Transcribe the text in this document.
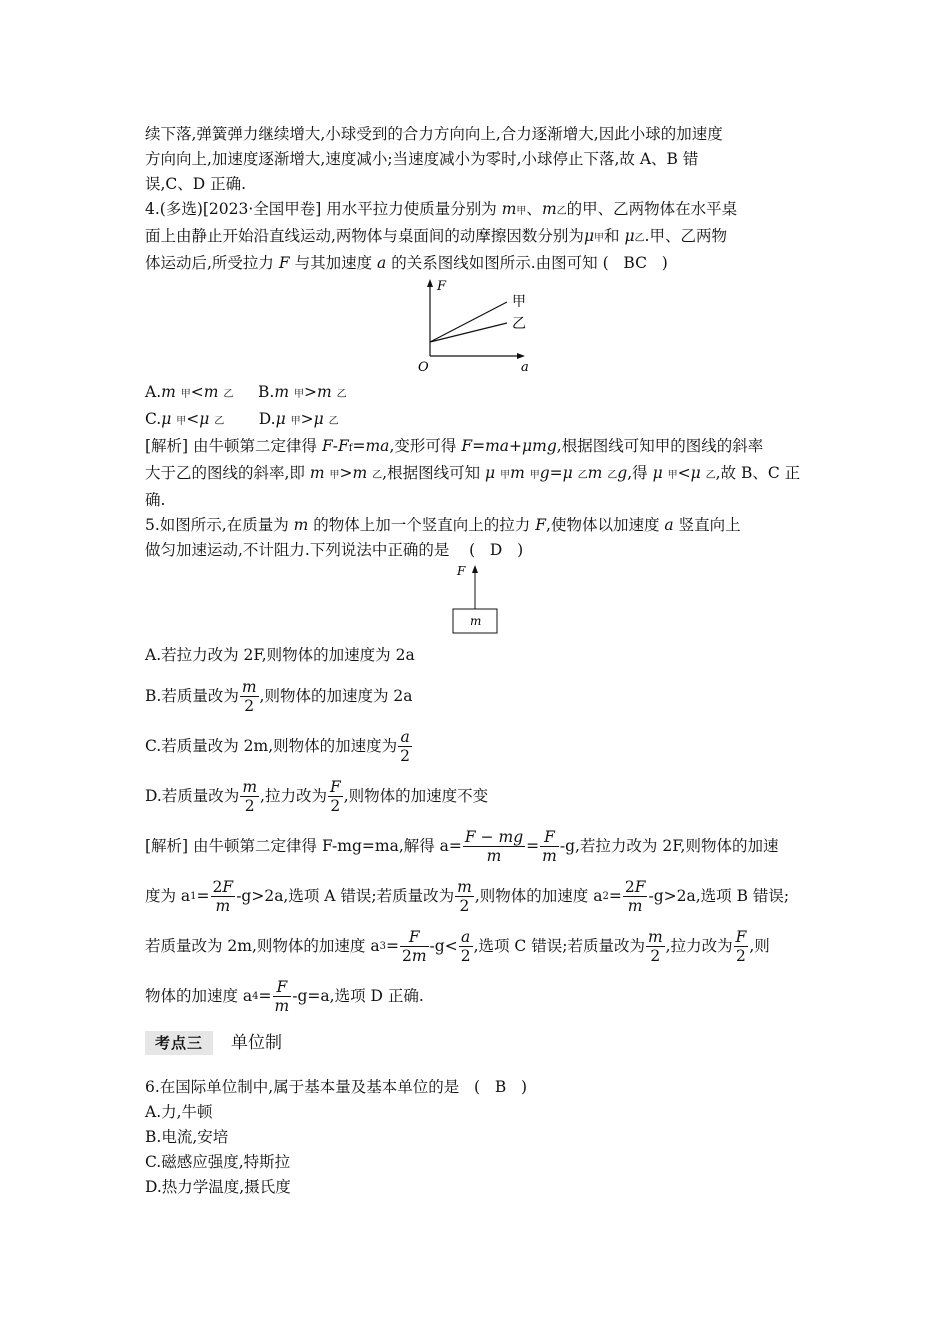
续下落,弹簧弹力继续增大,小球受到的合力方向向上,合力逐渐增大,因此小球的加速度
方向向上,加速度逐渐增大,速度减小;当速度减小为零时,小球停止下落,故 A、B 错
误,C、D 正确.
4.(多选)[2023·全国甲卷] 用水平拉力使质量分别为 m甲、m乙的甲、乙两物体在水平桌
面上由静止开始沿直线运动,两物体与桌面间的动摩擦因数分别为μ甲和 μ乙.甲、乙两物
体运动后,所受拉力 F 与其加速度 a 的关系图线如图所示.由图可知 (   BC   )
F
甲
乙
O	a
A.m 甲<m 乙 B.m 甲>m 乙
C.μ 甲<μ 乙 D.μ 甲>μ 乙
[解析] 由牛顿第二定律得 F-Ff=ma,变形可得 F=ma+μmg,根据图线可知甲的图线的斜率
大于乙的图线的斜率,即 m 甲>m 乙,根据图线可知 μ 甲m 甲g=μ 乙m 乙g,得 μ 甲<μ 乙,故 B、C 正
确.
5.如图所示,在质量为 m 的物体上加一个竖直向上的拉力 F,使物体以加速度 a 竖直向上
做匀加速运动,不计阻力.下列说法中正确的是    (   D   )
F
m
A.若拉力改为 2F,则物体的加速度为 2a
B.若质量改为 $\frac{m}{2}$ ,则物体的加速度为 2a
C.若质量改为 2m,则物体的加速度为 $\frac{a}{2}$
D.若质量改为 $\frac{m}{2}$ ,拉力改为 $\frac{F}{2}$ ,则物体的加速度不变
[解析]
由牛顿第二定律得 F-mg=ma,解得 $a= \frac{F - mg}{m} = \frac{F}{m} -g$,若拉力改为 2F,则物体的加速
度为 a $1 = \frac{2F}{m} -g>2a$,选项 A 错误;若质量改为 $\frac{m}{2}$ ,则物体的加速度 a $2 = \frac{2F}{m} -g>2a$,选项 B 错误;
若质量改为 2m,则物体的加速度 a $3 = \frac{F}{2m} -g< \frac{a}{2}$ ,选项 C 错误;若质量改为 $\frac{m}{2}$ ,拉力改为 $\frac{F}{2}$ ,则
物体的加速度 a $4 = \frac{F}{m} -g=a$,选项 D 正确.
考点三	单位制
6.在国际单位制中,属于基本量及基本单位的是   (   B   )
A.力,牛顿
B.电流,安培
C.磁感应强度,特斯拉
D.热力学温度,摄氏度
